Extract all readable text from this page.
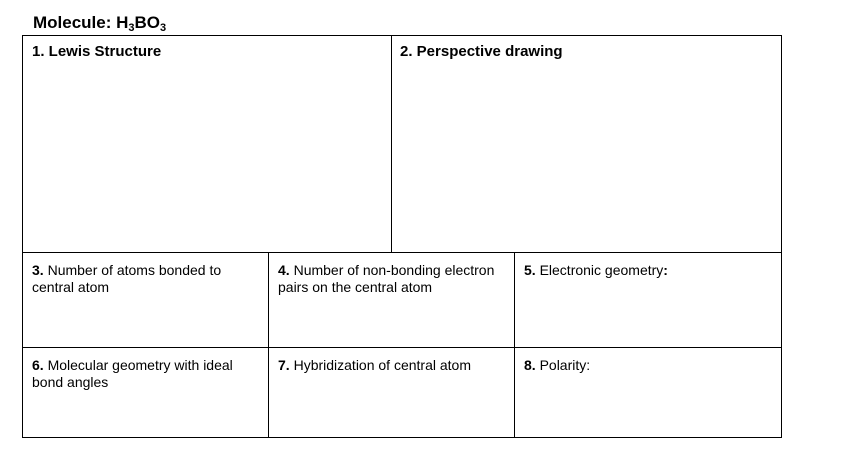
Molecule: $H_3BO_3$
1. Lewis Structure	2. Perspective drawing
3. Number of atoms bonded to central atom
4. Number of non-bonding electron pairs on the central atom
5. Electronic geometry:
6. Molecular geometry with ideal bond angles
7. Hybridization of central atom	8. Polarity:
